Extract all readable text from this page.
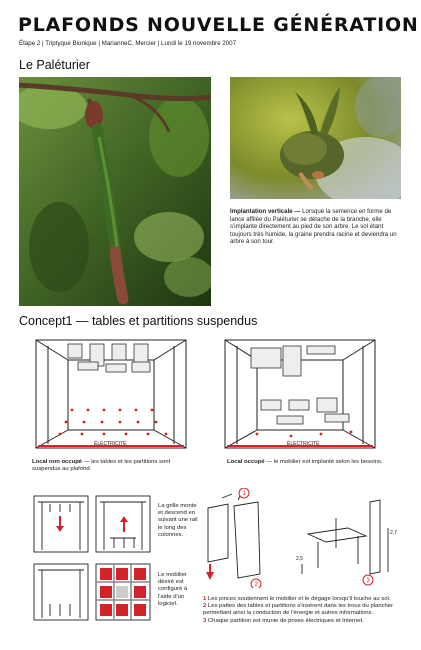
PLAFONDS NOUVELLE GÉNÉRATION
Étape 2 | Triptyque Bionique | MarianneC. Mercier | Lundi le 19 novembre 2007
Le Paléturier
Implantation verticale — Lorsque la semence en forme de lance affilée du Paléturier se détache de la branche, elle s'implante directement au pied de son arbre. Le sol étant toujours très humide, la graine prendra racine et deviendra un arbre à son tour.
Concept1 — tables et partitions suspendus
ÉLECTRICITÉ	ÉLECTRICITÉ
Local non occupé — les tables et les partitions sont suspendus au plafond.
Local occupé — le mobilier est implanté selon les besoins.
La grille monte et descend en suivant une rail le long des colonnes.
Le mobilier désiré est configuré à l'aide d'un logiciel.
1
2
3
2,5
2,7
1 Les pinces soutiennent le mobilier et le dégage lorsqu'il touche au sol.
2 Les pattes des tables et partitions s'insèrent dans les trous du plancher permettant ainsi la conduction de l'énergie et autres informations.
3 Chaque partition est munie de prises électriques et Internet.
